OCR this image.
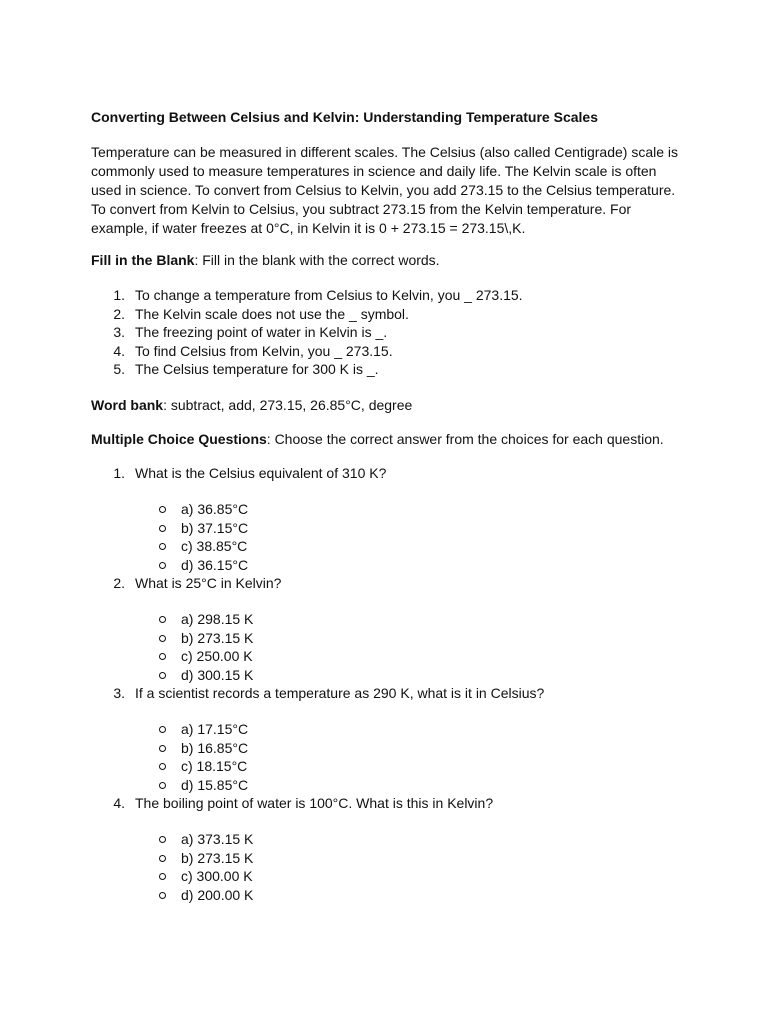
Converting Between Celsius and Kelvin: Understanding Temperature Scales

Temperature can be measured in different scales. The Celsius (also called Centigrade) scale is commonly used to measure temperatures in science and daily life. The Kelvin scale is often used in science. To convert from Celsius to Kelvin, you add 273.15 to the Celsius temperature. To convert from Kelvin to Celsius, you subtract 273.15 from the Kelvin temperature. For example, if water freezes at 0°C, in Kelvin it is 0 + 273.15 = 273.15\,K.

Fill in the Blank: Fill in the blank with the correct words.

1. To change a temperature from Celsius to Kelvin, you _ 273.15.
2. The Kelvin scale does not use the _ symbol.
3. The freezing point of water in Kelvin is _.
4. To find Celsius from Kelvin, you _ 273.15.
5. The Celsius temperature for 300 K is _.

Word bank: subtract, add, 273.15, 26.85°C, degree

Multiple Choice Questions: Choose the correct answer from the choices for each question.

1. What is the Celsius equivalent of 310 K?
a) 36.85°C
b) 37.15°C
c) 38.85°C
d) 36.15°C
2. What is 25°C in Kelvin?
a) 298.15 K
b) 273.15 K
c) 250.00 K
d) 300.15 K
3. If a scientist records a temperature as 290 K, what is it in Celsius?
a) 17.15°C
b) 16.85°C
c) 18.15°C
d) 15.85°C
4. The boiling point of water is 100°C. What is this in Kelvin?
a) 373.15 K
b) 273.15 K
c) 300.00 K
d) 200.00 K
